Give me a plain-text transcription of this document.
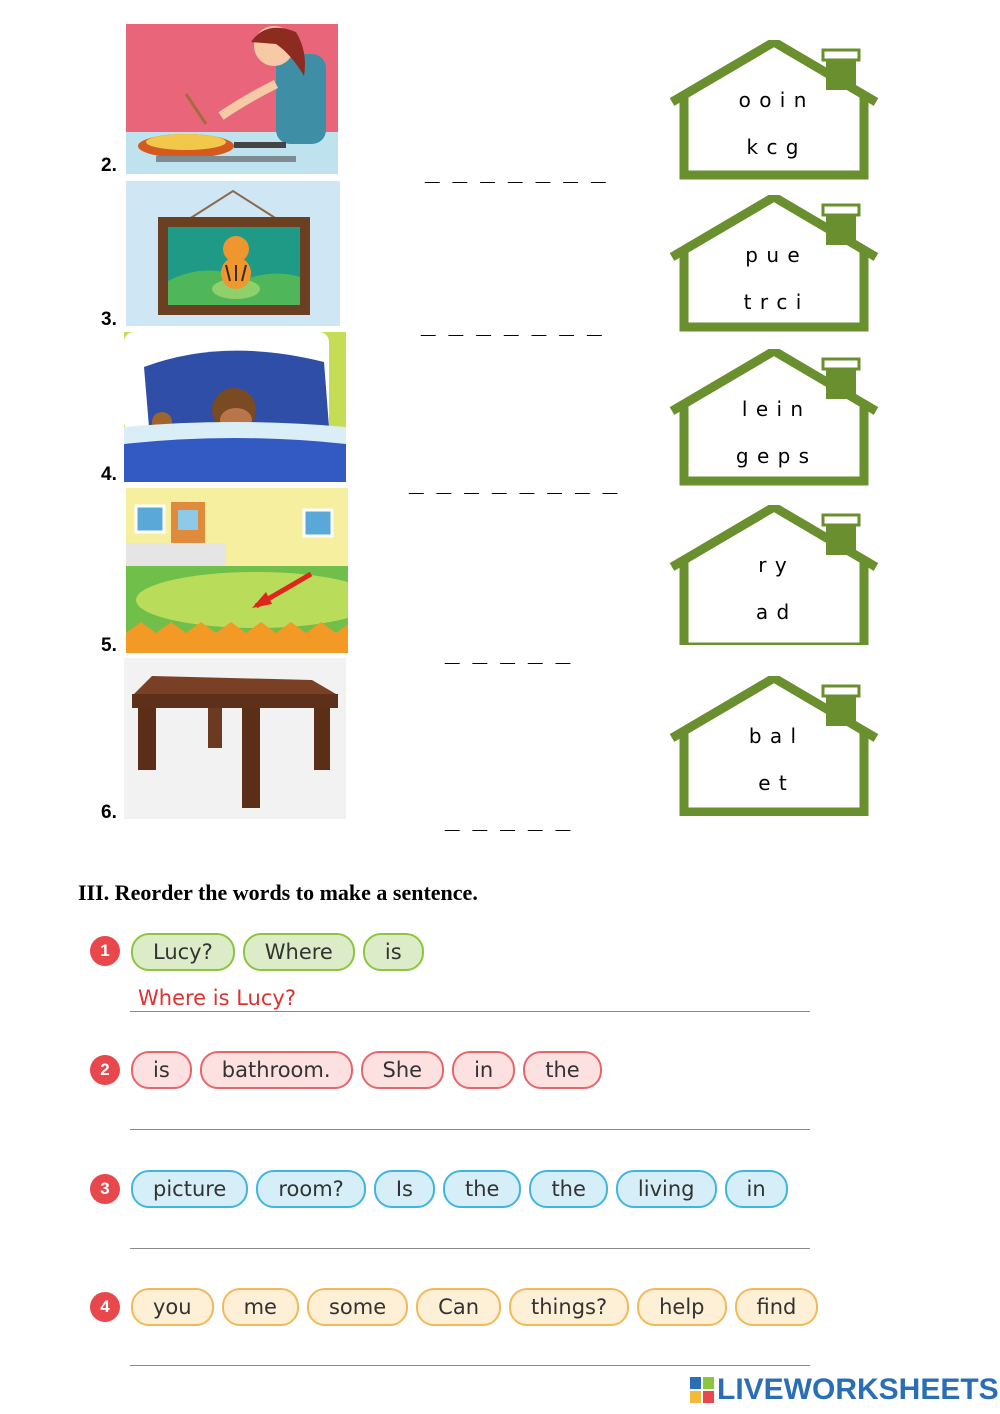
2.	_ _ _ _ _ _ _
o o i n
k c g
3.	_ _ _ _ _ _ _
p u e
t r c i
4.	_ _ _ _ _ _ _ _
l e i n
g e p s
5.	_ _ _ _ _
r y
a d
6.	_ _ _ _ _
b a l
e t
III. Reorder the words to make a sentence.
1	Lucy?	Where	is
Where is Lucy?
2	is	bathroom.	She	in	the
3	picture	room?	Is	the	the	living	in
4	you	me	some	Can	things?	help	find
LIVEWORKSHEETS
